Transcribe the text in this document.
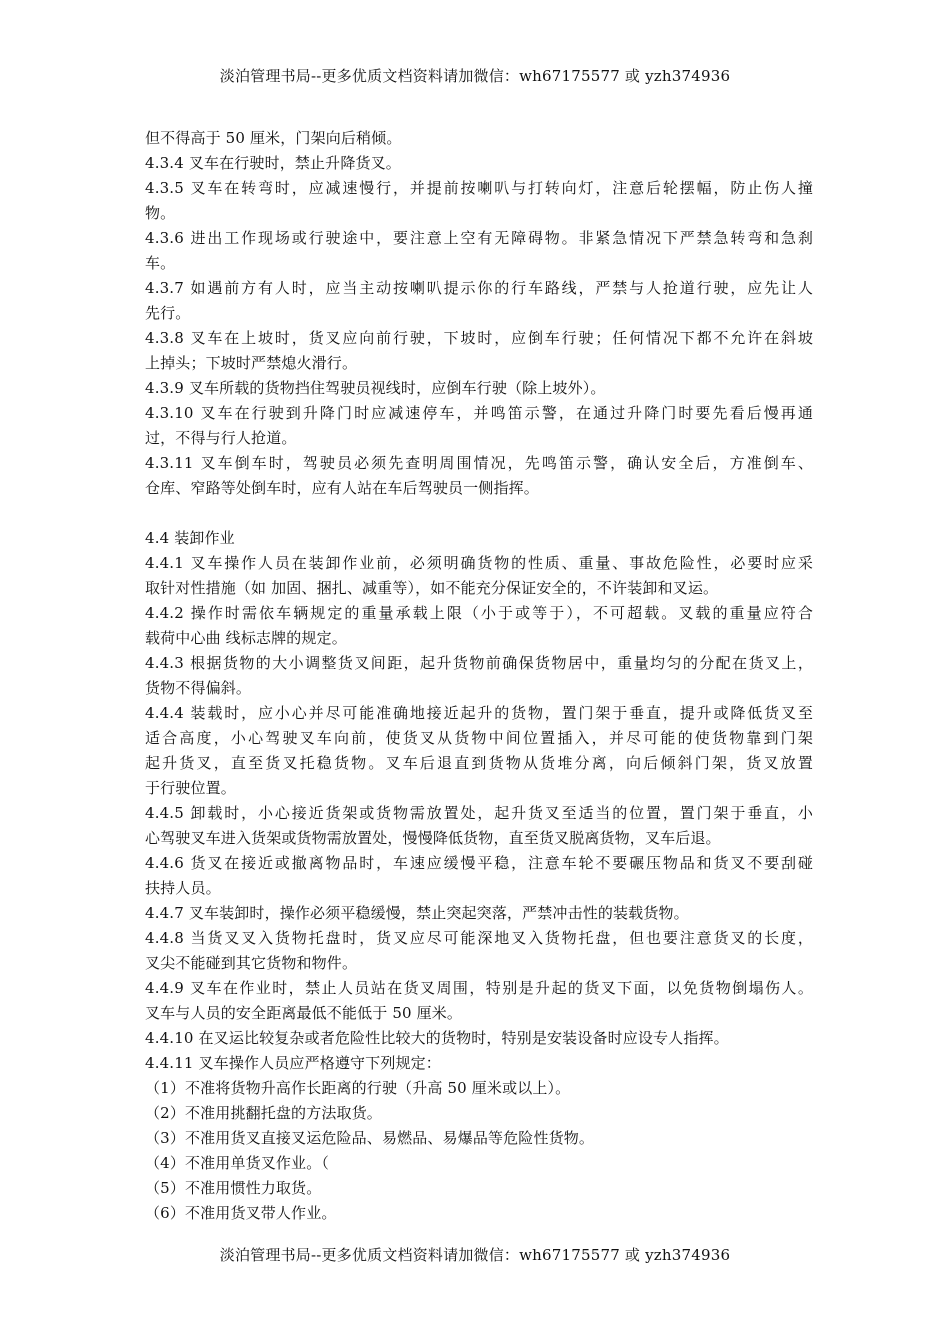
淡泊管理书局--更多优质文档资料请加微信：wh67175577 或 yzh374936
但不得高于 50 厘米，门架向后稍倾。
4.3.4 叉车在行驶时，禁止升降货叉。
4.3.5 叉车在转弯时，应减速慢行，并提前按喇叭与打转向灯，注意后轮摆幅，防止伤人撞
物。
4.3.6 进出工作现场或行驶途中，要注意上空有无障碍物。非紧急情况下严禁急转弯和急刹
车。
4.3.7 如遇前方有人时，应当主动按喇叭提示你的行车路线，严禁与人抢道行驶，应先让人
先行。
4.3.8 叉车在上坡时，货叉应向前行驶，下坡时，应倒车行驶；任何情况下都不允许在斜坡
上掉头；下坡时严禁熄火滑行。
4.3.9 叉车所载的货物挡住驾驶员视线时，应倒车行驶（除上坡外）。
4.3.10 叉车在行驶到升降门时应减速停车，并鸣笛示警，在通过升降门时要先看后慢再通
过，不得与行人抢道。
4.3.11 叉车倒车时，驾驶员必须先查明周围情况，先鸣笛示警，确认安全后，方准倒车、
仓库、窄路等处倒车时，应有人站在车后驾驶员一侧指挥。
4.4 装卸作业
4.4.1 叉车操作人员在装卸作业前，必须明确货物的性质、重量、事故危险性，必要时应采
取针对性措施（如 加固、捆扎、减重等），如不能充分保证安全的，不许装卸和叉运。
4.4.2 操作时需依车辆规定的重量承载上限（小于或等于），不可超载。叉载的重量应符合
载荷中心曲 线标志牌的规定。
4.4.3 根据货物的大小调整货叉间距，起升货物前确保货物居中，重量均匀的分配在货叉上，
货物不得偏斜。
4.4.4 装载时，应小心并尽可能准确地接近起升的货物，置门架于垂直，提升或降低货叉至
适合高度，小心驾驶叉车向前，使货叉从货物中间位置插入，并尽可能的使货物靠到门架
起升货叉，直至货叉托稳货物。叉车后退直到货物从货堆分离，向后倾斜门架，货叉放置
于行驶位置。
4.4.5 卸载时，小心接近货架或货物需放置处，起升货叉至适当的位置，置门架于垂直，小
心驾驶叉车进入货架或货物需放置处，慢慢降低货物，直至货叉脱离货物，叉车后退。
4.4.6 货叉在接近或撤离物品时，车速应缓慢平稳，注意车轮不要碾压物品和货叉不要刮碰
扶持人员。
4.4.7 叉车装卸时，操作必须平稳缓慢，禁止突起突落，严禁冲击性的装载货物。
4.4.8 当货叉叉入货物托盘时，货叉应尽可能深地叉入货物托盘，但也要注意货叉的长度，
叉尖不能碰到其它货物和物件。
4.4.9 叉车在作业时，禁止人员站在货叉周围，特别是升起的货叉下面，以免货物倒塌伤人。
叉车与人员的安全距离最低不能低于 50 厘米。
4.4.10 在叉运比较复杂或者危险性比较大的货物时，特别是安装设备时应设专人指挥。
4.4.11 叉车操作人员应严格遵守下列规定：
（1）不准将货物升高作长距离的行驶（升高 50 厘米或以上）。
（2）不准用挑翻托盘的方法取货。
（3）不准用货叉直接叉运危险品、易燃品、易爆品等危险性货物。
（4）不准用单货叉作业。（
（5）不准用惯性力取货。
（6）不准用货叉带人作业。
淡泊管理书局--更多优质文档资料请加微信：wh67175577 或 yzh374936
